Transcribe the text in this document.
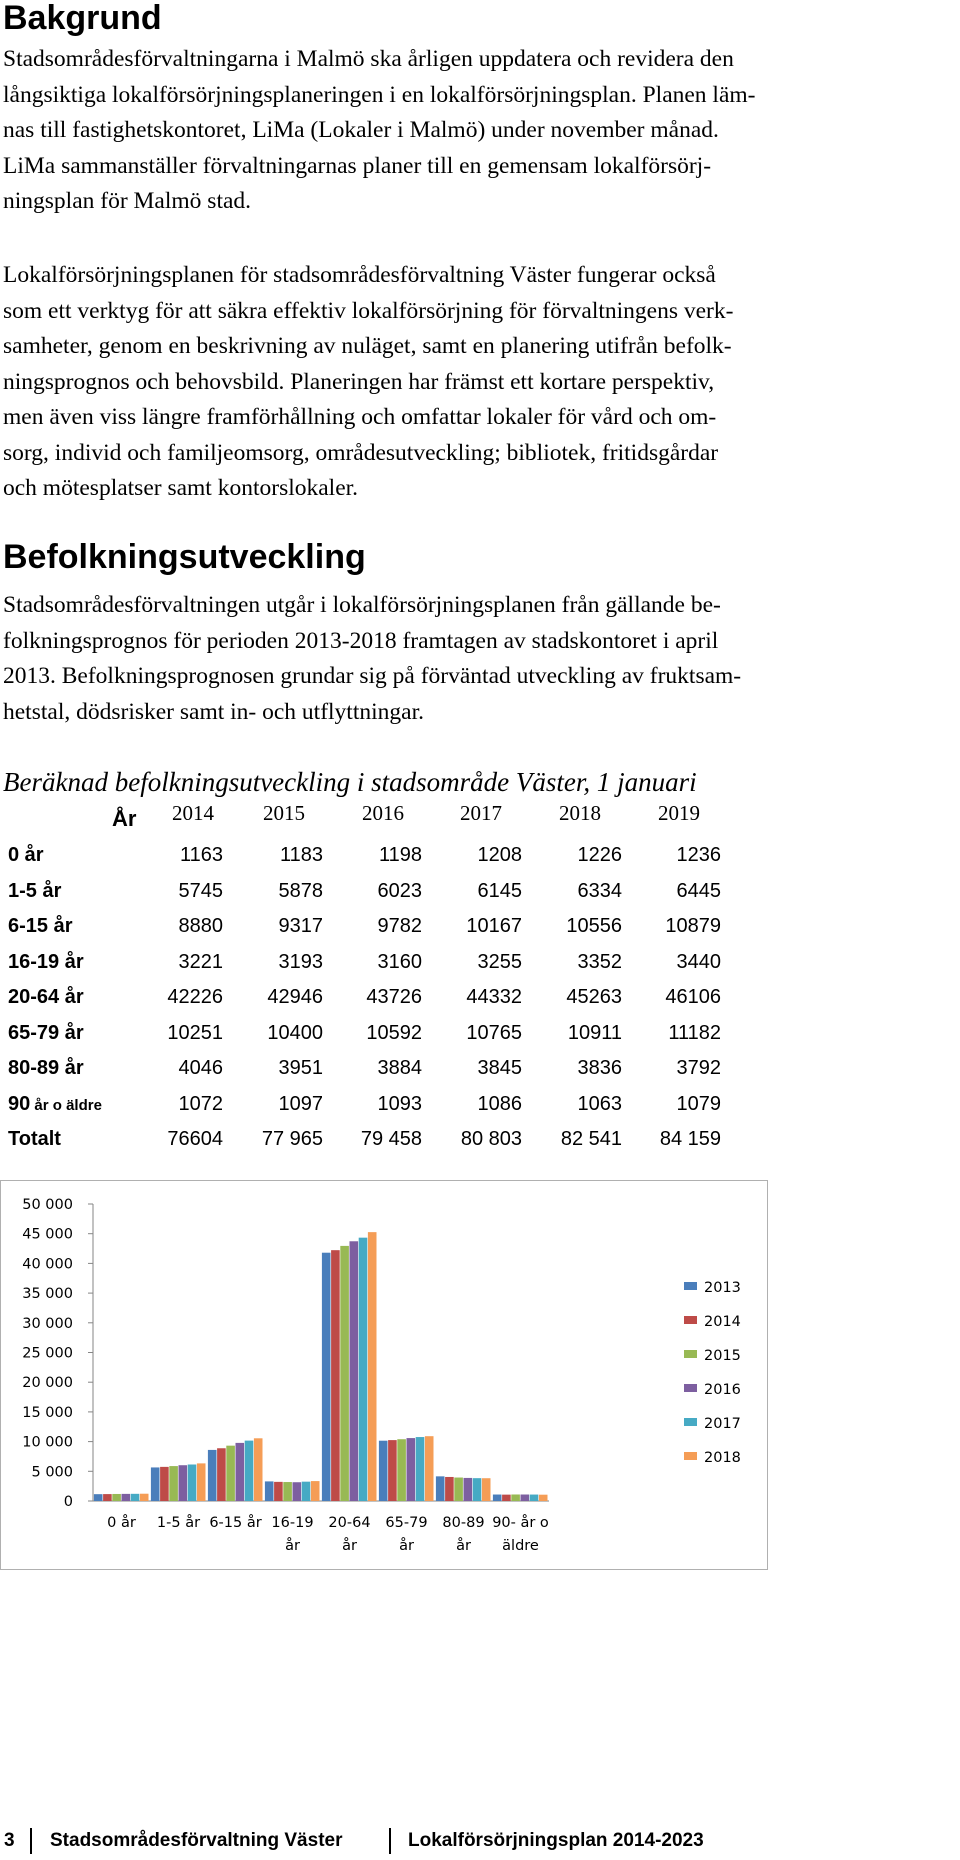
Bakgrund
Stadsområdesförvaltningarna i Malmö ska årligen uppdatera och revidera den
långsiktiga lokalförsörjningsplaneringen i en lokalförsörjningsplan. Planen läm-
nas till fastighetskontoret, LiMa (Lokaler i Malmö) under november månad.
LiMa sammanställer förvaltningarnas planer till en gemensam lokalförsörj-
ningsplan för Malmö stad.
Lokalförsörjningsplanen för stadsområdesförvaltning Väster fungerar också
som ett verktyg för att säkra effektiv lokalförsörjning för förvaltningens verk-
samheter, genom en beskrivning av nuläget, samt en planering utifrån befolk-
ningsprognos och behovsbild. Planeringen har främst ett kortare perspektiv,
men även viss längre framförhållning och omfattar lokaler för vård och om-
sorg, individ och familjeomsorg, områdesutveckling; bibliotek, fritidsgårdar
och mötesplatser samt kontorslokaler.
Befolkningsutveckling
Stadsområdesförvaltningen utgår i lokalförsörjningsplanen från gällande be-
folkningsprognos för perioden 2013-2018 framtagen av stadskontoret i april
2013. Befolkningsprognosen grundar sig på förväntad utveckling av fruktsam-
hetstal, dödsrisker samt in- och utflyttningar.
Beräknad befolkningsutveckling i stadsområde Väster, 1 januari
År 2014 2015	2016	2017	2018	2019
0 år	1163	1183	1198	1208	1226	1236
1-5 år	5745	5878	6023	6145	6334	6445
6-15 år	8880	9317	9782	10167	10556	10879
16-19 år	3221	3193	3160	3255	3352	3440
20-64 år	42226	42946	43726	44332	45263	46106
65-79 år	10251	10400	10592	10765	10911	11182
80-89 år	4046	3951	3884	3845	3836	3792
90 år o äldre	1072	1097	1093	1086	1063	1079
Totalt	76604	77 965	79 458	80 803	82 541	84 159
0
5 000
10 000
15 000
20 000
25 000
30 000
35 000
40 000
45 000
50 000
0 år 1-5 år 6-15 år 16-19
år
20-64
år
65-79
år
80-89
år
90- år o
äldre
2013
2014
2015
2016
2017
2018
3 Stadsområdesförvaltning Väster	Lokalförsörjningsplan 2014-2023
